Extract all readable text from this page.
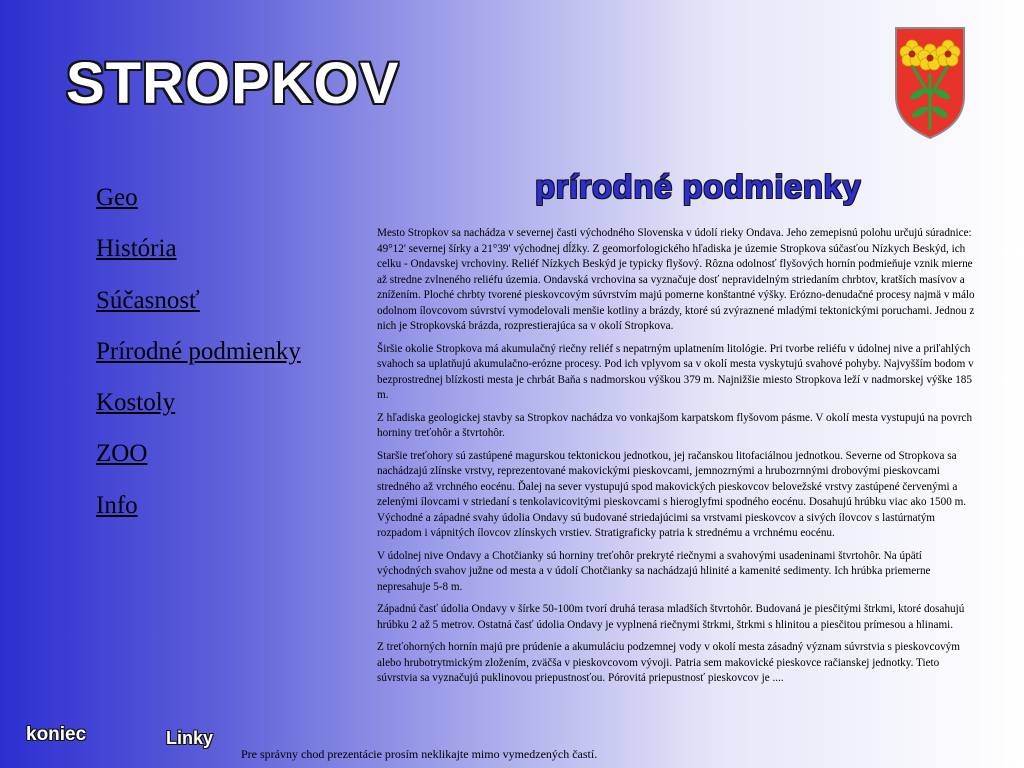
STROPKOV
prírodné podmienky
Geo
História
Súčasnosť
Prírodné podmienky
Kostoly
ZOO
Info

Mesto Stropkov sa nachádza v severnej časti východného Slovenska v údolí rieky Ondava. Jeho zemepisnú polohu určujú súradnice: 49°12' severnej šírky a 21°39' východnej dĺžky. Z geomorfologického hľadiska je územie Stropkova súčasťou Nízkych Beskýd, ich celku - Ondavskej vrchoviny. Reliéf Nízkych Beskýd je typicky flyšový. Rôzna odolnosť flyšových hornín podmieňuje vznik mierne až stredne zvlneného reliéfu územia. Ondavská vrchovina sa vyznačuje dosť nepravidelným striedaním chrbtov, kratších masívov a znížením. Ploché chrbty tvorené pieskovcovým súvrstvím majú pomerne konštantné výšky. Erózno-denudačné procesy najmä v málo odolnom ílovcovom súvrství vymodelovali menšie kotliny a brázdy, ktoré sú zvýraznené mladými tektonickými poruchami. Jednou z nich je Stropkovská brázda, rozprestierajúca sa v okolí Stropkova.

Širšie okolie Stropkova má akumulačný riečny reliéf s nepatrným uplatnením litológie. Pri tvorbe reliéfu v údolnej nive a priľahlých svahoch sa uplatňujú akumulačno-erózne procesy. Pod ich vplyvom sa v okolí mesta vyskytujú svahové pohyby. Najvyšším bodom v bezprostrednej blízkosti mesta je chrbát Baňa s nadmorskou výškou 379 m. Najnižšie miesto Stropkova leží v nadmorskej výške 185 m.

Z hľadiska geologickej stavby sa Stropkov nachádza vo vonkajšom karpatskom flyšovom pásme. V okolí mesta vystupujú na povrch horniny treťohôr a štvrtohôr.

Staršie treťohory sú zastúpené magurskou tektonickou jednotkou, jej račanskou litofaciálnou jednotkou. Severne od Stropkova sa nachádzajú zlínske vrstvy, reprezentované makovickými pieskovcami, jemnozrnými a hrubozrnnými drobovými pieskovcami stredného až vrchného eocénu. Ďalej na sever vystupujú spod makovických pieskovcov belovežské vrstvy zastúpené červenými a zelenými ílovcami v striedaní s tenkolavicovitými pieskovcami s hieroglyfmi spodného eocénu. Dosahujú hrúbku viac ako 1500 m. Východné a západné svahy údolia Ondavy sú budované striedajúcimi sa vrstvami pieskovcov a sivých ílovcov s lastúrnatým rozpadom i vápnitých ílovcov zlínskych vrstiev. Stratigraficky patria k strednému a vrchnému eocénu.

V údolnej nive Ondavy a Chotčianky sú horniny treťohôr prekryté riečnymi a svahovými usadeninami štvrtohôr. Na úpätí východných svahov južne od mesta a v údolí Chotčianky sa nachádzajú hlinité a kamenité sedimenty. Ich hrúbka priemerne nepresahuje 5-8 m.

Západnú časť údolia Ondavy v šírke 50-100m tvorí druhá terasa mladších štvrtohôr. Budovaná je piesčitými štrkmi, ktoré dosahujú hrúbku 2 až 5 metrov. Ostatná časť údolia Ondavy je vyplnená riečnymi štrkmi, štrkmi s hlinitou a piesčitou prímesou a hlinami.

Z treťohorných hornín majú pre prúdenie a akumuláciu podzemnej vody v okolí mesta zásadný význam súvrstvia s pieskovcovým alebo hrubotrytmickým zložením, zväčša v pieskovcovom vývoji. Patria sem makovické pieskovce račianskej jednotky. Tieto súvrstvia sa vyznačujú puklinovou priepustnosťou. Pórovitá priepustnosť pieskovcov je ....

koniec	Linky
Pre správny chod prezentácie prosím neklikajte mimo vymedzených častí.
